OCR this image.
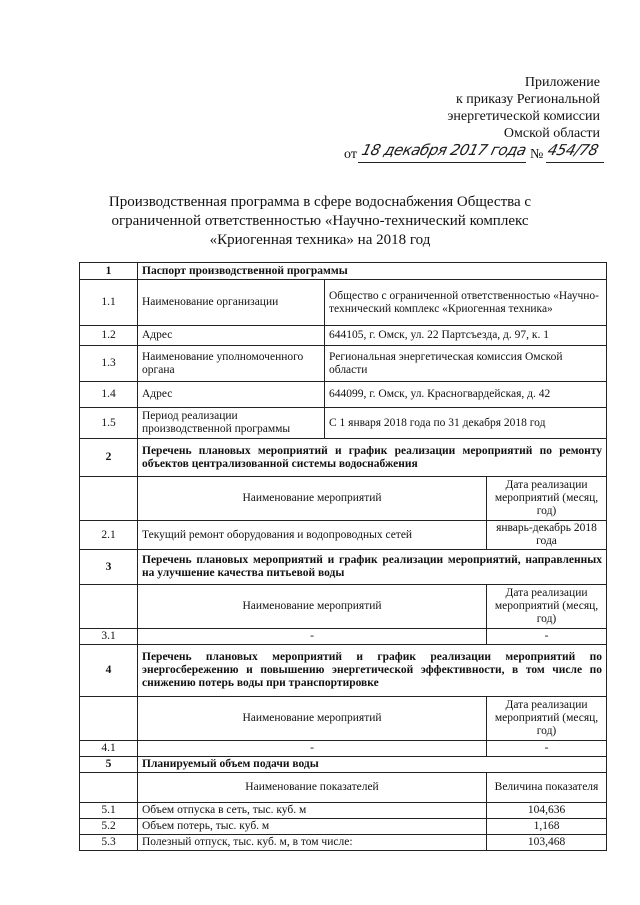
Приложение
к приказу Региональной
энергетической комиссии
Омской области
от 18 декабря 2017 года № 454/78
Производственная программа в сфере водоснабжения Общества с
ограниченной ответственностью «Научно-технический комплекс
«Криогенная техника» на 2018 год
1	Паспорт производственной программы		
1.1	Наименование организации	Общество с ограниченной ответственностью «Научно-технический комплекс «Криогенная техника»	
1.2	Адрес	644105, г. Омск, ул. 22 Партсъезда, д. 97, к. 1	
1.3	Наименование уполномоченного органа	Региональная энергетическая комиссия Омской области	
1.4	Адрес	644099, г. Омск, ул. Красногвардейская, д. 42	
1.5	Период реализации производственной программы	С 1 января 2018 года по 31 декабря 2018 год	
2	Перечень плановых мероприятий и график реализации мероприятий по ремонту объектов централизованной системы водоснабжения		
	Наименование мероприятий		Дата реализации мероприятий (месяц, год)
2.1	Текущий ремонт оборудования и водопроводных сетей		январь-декабрь 2018 года
3	Перечень плановых мероприятий и график реализации мероприятий, направленных на улучшение качества питьевой воды		
	Наименование мероприятий		Дата реализации мероприятий (месяц, год)
3.1	-		-
4	Перечень плановых мероприятий и график реализации мероприятий по энергосбережению и повышению энергетической эффективности, в том числе по снижению потерь воды при транспортировке		
	Наименование мероприятий		Дата реализации мероприятий (месяц, год)
4.1	-		-
5	Планируемый объем подачи воды		
	Наименование показателей		Величина показателя
5.1	Объем отпуска в сеть, тыс. куб. м		104,636
5.2	Объем потерь, тыс. куб. м		1,168
5.3	Полезный отпуск, тыс. куб. м, в том числе:		103,468
